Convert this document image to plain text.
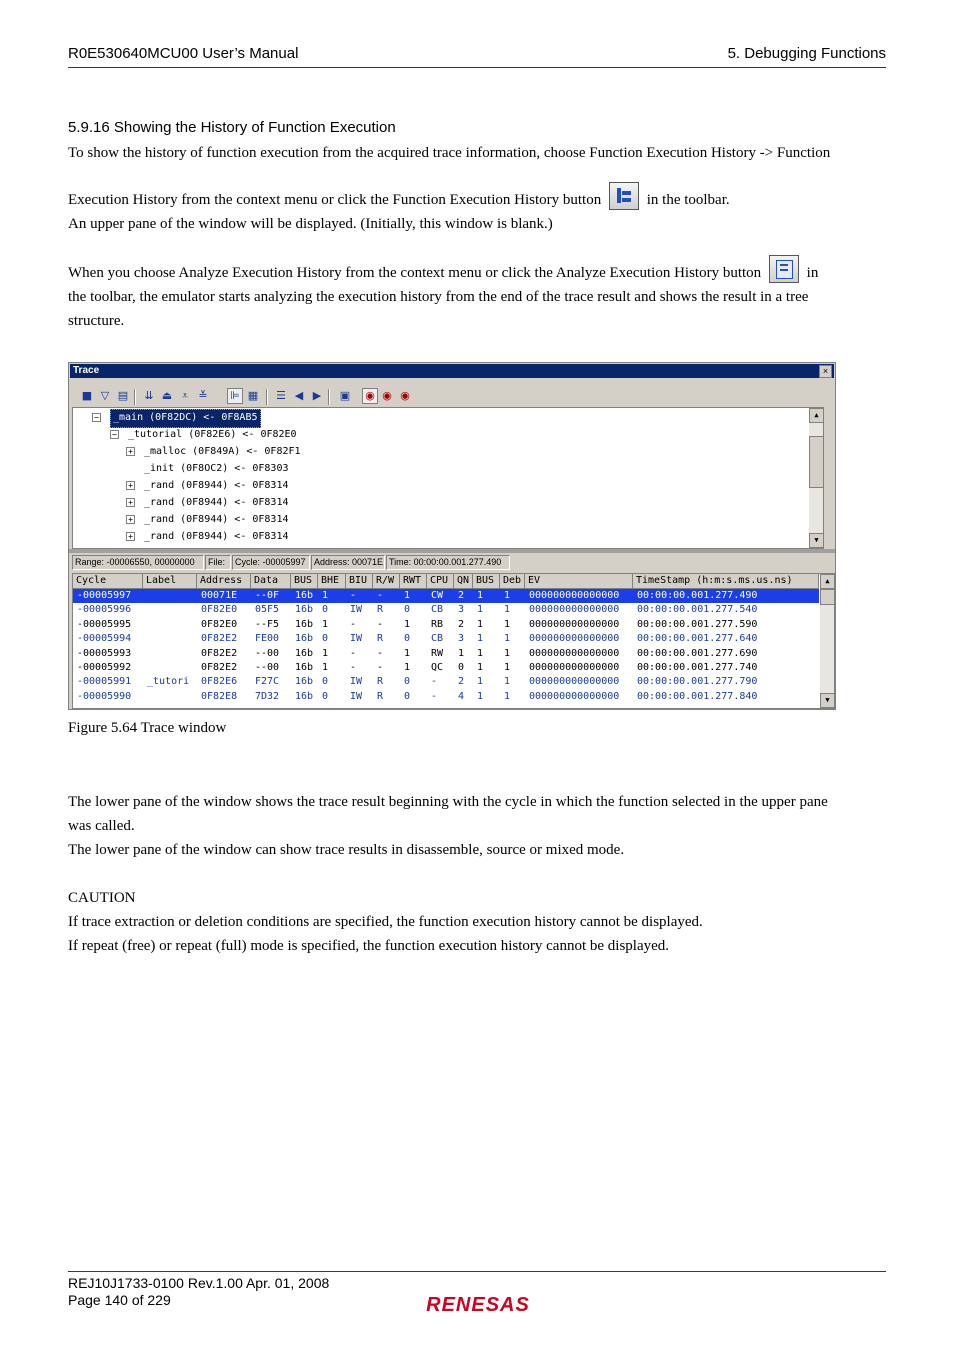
R0E530640MCU00 User’s Manual	5. Debugging Functions
5.9.16 Showing the History of Function Execution
To show the history of function execution from the acquired trace information, choose Function Execution History -> Function
Execution History from the context menu or click the Function Execution History button	in the toolbar.
An upper pane of the window will be displayed. (Initially, this window is blank.)
When you choose Analyze Execution History from the context menu or click the Analyze Execution History button	in
the toolbar, the emulator starts analyzing the execution history from the end of the trace result and shows the result in a tree
structure.
Trace	×
■ ▽ ▤ ⇊ ⏏ ⩡ ≚ ⊫ ▦ ☰ ◀ ▶ ▣ ◉ ◉ ◉
−	_main (0F82DC) <- 0F8AB5
− _tutorial (0F82E6) <- 0F82E0
+ _malloc (0F849A) <- 0F82F1
_init (0F8OC2) <- 0F8303
+ _rand (0F8944) <- 0F8314
+ _rand (0F8944) <- 0F8314
+ _rand (0F8944) <- 0F8314
+ _rand (0F8944) <- 0F8314
▲
▼
Range: -00006550, 00000000	File:	Cycle: -00005997 Address: 00071E Time: 00:00:00.001.277.490
Cycle	Label	Address	Data	BUS BHE BIU R/W RWT CPU QN BUS Deb EV	TimeStamp (h:m:s.ms.us.ns)
-00005997	00071E --0F 16b 1 - - 1 CW 2 1 1 000000000000000 00:00:00.001.277.490
-00005996	0F82E0 05F5 16b 0 IW R 0 CB 3 1 1 000000000000000 00:00:00.001.277.540
-00005995	0F82E0 --F5 16b 1 - - 1 RB 2 1 1 000000000000000 00:00:00.001.277.590
-00005994	0F82E2 FE00 16b 0 IW R 0 CB 3 1 1 000000000000000 00:00:00.001.277.640
-00005993	0F82E2 --00 16b 1 - - 1 RW 1 1 1 000000000000000 00:00:00.001.277.690
-00005992	0F82E2 --00 16b 1 - - 1 QC 0 1 1 000000000000000 00:00:00.001.277.740
-00005991 _tutori 0F82E6 F27C 16b 0 IW R 0 - 2 1 1 000000000000000 00:00:00.001.277.790
-00005990	0F82E8 7D32 16b 0 IW R 0 - 4 1 1 000000000000000 00:00:00.001.277.840
▲
▼
Figure 5.64 Trace window
The lower pane of the window shows the trace result beginning with the cycle in which the function selected in the upper pane
was called.
The lower pane of the window can show trace results in disassemble, source or mixed mode.
CAUTION
If trace extraction or deletion conditions are specified, the function execution history cannot be displayed.
If repeat (free) or repeat (full) mode is specified, the function execution history cannot be displayed.
REJ10J1733-0100 Rev.1.00 Apr. 01, 2008
Page 140 of 229	RENESAS
